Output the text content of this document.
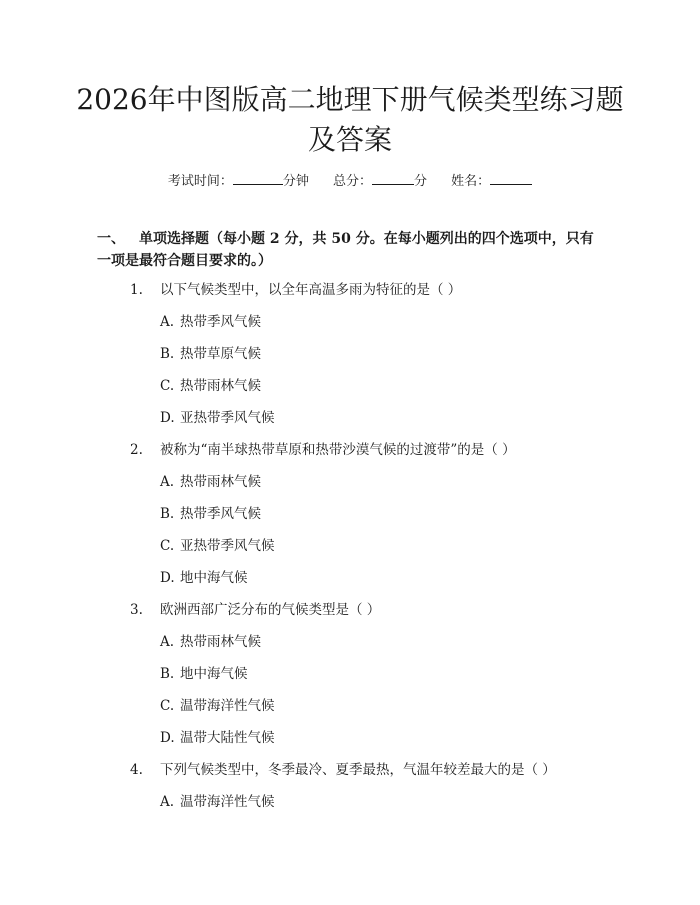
2026年中图版高二地理下册气候类型练习题及答案
考试时间：	分钟 总分：	分 姓名：

一、 单项选择题（每小题 2 分，共 50 分。在每小题列出的四个选项中，只有一项是最符合题目要求的。）

1. 以下气候类型中，以全年高温多雨为特征的是（ ）
A. 热带季风气候
B. 热带草原气候
C. 热带雨林气候
D. 亚热带季风气候
2. 被称为“南半球热带草原和热带沙漠气候的过渡带”的是（ ）
A. 热带雨林气候
B. 热带季风气候
C. 亚热带季风气候
D. 地中海气候
3. 欧洲西部广泛分布的气候类型是（ ）
A. 热带雨林气候
B. 地中海气候
C. 温带海洋性气候
D. 温带大陆性气候
4. 下列气候类型中，冬季最冷、夏季最热，气温年较差最大的是（ ）
A. 温带海洋性气候
